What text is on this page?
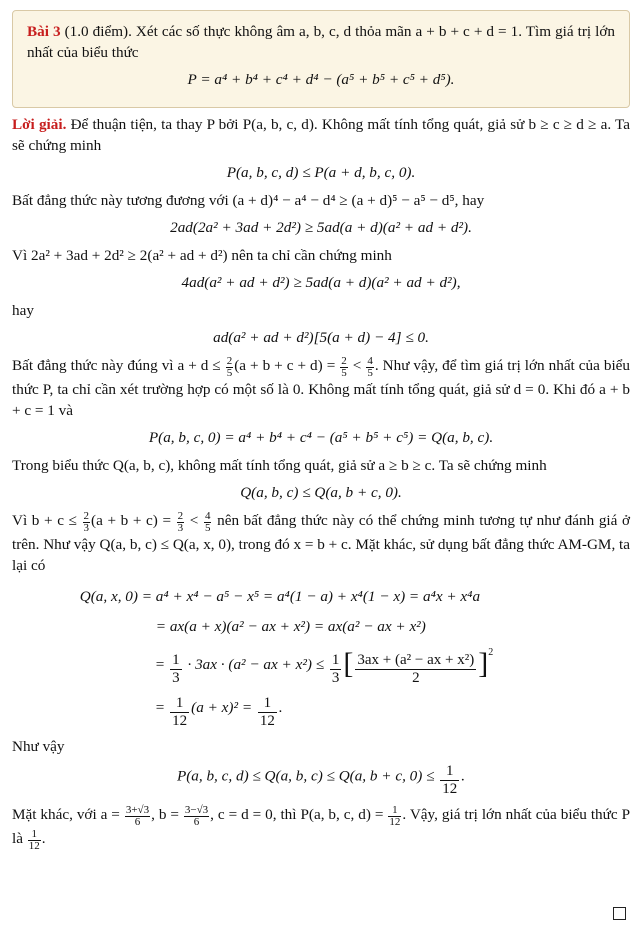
Bài 3 (1.0 điểm). Xét các số thực không âm a, b, c, d thỏa mãn a + b + c + d = 1. Tìm giá trị lớn nhất của biểu thức

P = a⁴ + b⁴ + c⁴ + d⁴ − (a⁵ + b⁵ + c⁵ + d⁵).

Lời giải. Để thuận tiện, ta thay P bởi P(a, b, c, d). Không mất tính tổng quát, giả sử b ≥ c ≥ d ≥ a. Ta sẽ chứng minh

P(a, b, c, d) ≤ P(a + d, b, c, 0).

Bất đẳng thức này tương đương với (a + d)⁴ − a⁴ − d⁴ ≥ (a + d)⁵ − a⁵ − d⁵, hay

2ad(2a² + 3ad + 2d²) ≥ 5ad(a + d)(a² + ad + d²).

Vì 2a² + 3ad + 2d² ≥ 2(a² + ad + d²) nên ta chỉ cần chứng minh

4ad(a² + ad + d²) ≥ 5ad(a + d)(a² + ad + d²),

hay

ad(a² + ad + d²)[5(a + d) − 4] ≤ 0.

Bất đẳng thức này đúng vì $a + d \le \frac{2}{5} (a + b + c + d) = \frac{2}{5} < \frac{4}{5}$ . Như vậy, để tìm giá trị lớn nhất của biểu thức P, ta chỉ cần xét trường hợp có một số là 0. Không mất tính tổng quát, giả sử d = 0. Khi đó a + b + c = 1 và

P(a, b, c, 0) = a⁴ + b⁴ + c⁴ − (a⁵ + b⁵ + c⁵) = Q(a, b, c).

Trong biểu thức Q(a, b, c), không mất tính tổng quát, giả sử a ≥ b ≥ c. Ta sẽ chứng minh

Q(a, b, c) ≤ Q(a, b + c, 0).

Vì $b + c \le \frac{2}{3} (a + b + c) = \frac{2}{3} < \frac{4}{5}$ nên bất đẳng thức này có thể chứng minh tương tự như đánh giá ở trên. Như vậy Q(a, b, c) ≤ Q(a, x, 0), trong đó x = b + c. Mặt khác, sử dụng bất đẳng thức AM-GM, ta lại có

Q(a, x, 0) = a⁴ + x⁴ − a⁵ − x⁵ = a⁴(1 − a) + x⁴(1 − x) = a⁴x + x⁴a
= ax(a + x)(a² − ax + x²) = ax(a² − ax + x²)
= $\frac{1}{3} \cdot 3ax \cdot (a^2$ − ax + $x^2) \le \frac{1}{3}$ [ $\frac{\text{3ax + (a² − ax + x²)}}{2} ]^2$
= $\frac{1}{12} (a + x)^2 = \frac{1}{12}$ .

Như vậy

P(a, b, c, d) ≤ Q(a, b, c) ≤ Q(a, b + c, $0) \le \frac{1}{12}$ .

Mặt khác, với $a = \frac{3+√3}{6}$ , $b = \frac{3-√3}{6}$ , c = d = 0, thì P(a, b, c, $d) = \frac{1}{12}$ . Vậy, giá trị lớn nhất của biểu thức P là $\frac{1}{12}$ .
